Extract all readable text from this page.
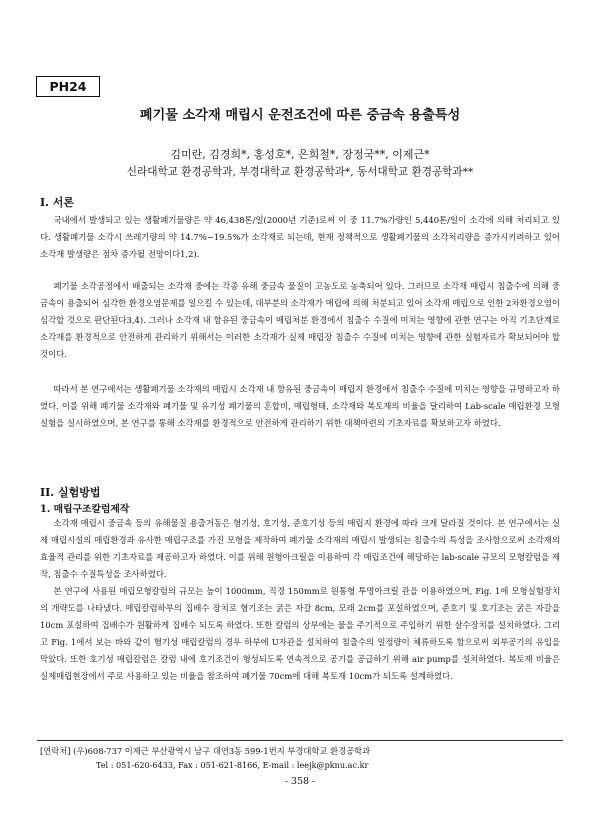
PH24
폐기물 소각재 매립시 운전조건에 따른 중금속 용출특성
김미란, 김경희*, 홍성호*, 은희철*, 장정국**, 이제근*
신라대학교 환경공학과, 부경대학교 환경공학과*, 동서대학교 환경공학과**
I. 서론

국내에서 발생되고 있는 생활폐기물량은 약 46,438톤/일(2000년 기준)로써 이 중 11.7%가량인 5,440톤/일이 소각에 의해 처리되고 있다. 생활폐기물 소각시 쓰레기량의 약 14.7%~19.5%가 소각재로 되는데, 현재 정책적으로 생활폐기물의 소각처리량을 증가시키려하고 있어 소각재 발생량은 점차 증가될 전망이다1,2).

폐기물 소각공정에서 배출되는 소각재 중에는 각종 유해 중금속 물질이 고농도로 농축되어 있다. 그러므로 소각재 매립시 침출수에 의해 중금속이 용출되어 심각한 환경오염문제를 일으킬 수 있는데, 대부분의 소각재가 매립에 의해 처분되고 있어 소각재 매립으로 인한 2차환경오염이 심각할 것으로 판단된다3,4). 그러나 소각재 내 함유된 중금속이 매립처분 환경에서 침출수 수질에 미치는 영향에 관한 연구는 아직 기초단계로 소각재를 환경적으로 안전하게 관리하기 위해서는 이러한 소각재가 실제 매립장 침출수 수질에 미치는 영향에 관한 실험자료가 확보되어야 할 것이다.

따라서 본 연구에서는 생활폐기물 소각재의 매립시 소각재 내 함유된 중금속이 매립지 환경에서 침출수 수질에 미치는 영향을 규명하고자 하였다. 이를 위해 폐기물 소각재와 폐기물 및 유기성 폐기물의 혼합비, 매립형태, 소각재와 복토재의 비율을 달리하여 Lab-scale 매립환경 모형실험을 실시하였으며, 본 연구를 통해 소각재를 환경적으로 안전하게 관리하기 위한 대책마련의 기초자료를 확보하고자 하였다.

II. 실험방법
1. 매립구조칼럼제작

소각재 매립시 중금속 등의 유해물질 용출거동은 혐기성, 호기성, 준호기성 등의 매립지 환경에 따라 크게 달라질 것이다. 본 연구에서는 실제 매립시설의 매립환경과 유사한 매립구조를 가진 모형을 제작하여 폐기물 소각재의 매립시 발생되는 침출수의 특성을 조사함으로써 소각재의 효율적 관리를 위한 기초자료를 제공하고자 하였다. 이를 위해 원형아크릴을 이용하여 각 매립조건에 해당하는 lab-scale 규모의 모형칼럼을 제작, 침출수 수질특성을 조사하였다.

본 연구에 사용된 매립모형칼럼의 규모는 높이 1000mm, 직경 150mm로 원통형 투명아크릴 관을 이용하였으며, Fig. 1에 모형실험장치의 개략도를 나타냈다. 매립칼럼하부의 집배수 장치로 혐기조는 굵은 자갈 8cm, 모래 2cm를 포설하였으며, 준호기 및 호기조는 굵은 자갈을 10cm 포설하여 집배수가 원활하게 집배수 되도록 하였다. 또한 칼럼의 상부에는 물을 주기적으로 주입하기 위한 살수장치를 설치하였다. 그리고 Fig. 1에서 보는 바와 같이 혐기성 매립칼럼의 경우 하부에 U자관을 설치하여 침출수의 일정량이 체류하도록 함으로써 외부공기의 유입을 막았다. 또한 호기성 매립칼럼은 칼럼 내에 호기조건이 형성되도록 연속적으로 공기를 공급하기 위해 air pump를 설치하였다. 복토재 비율은 실제매립현장에서 주로 사용하고 있는 비율을 참조하여 폐기물 70cm에 대해 복토재 10cm가 되도록 설계하였다.

[연락처] (우)608-737 이제근 부산광역시 남구 대연3동 599-1번지 부경대학교 환경공학과
Tel : 051-620-6433, Fax : 051-621-8166, E-mail : leejk@pknu.ac.kr
- 358 -
